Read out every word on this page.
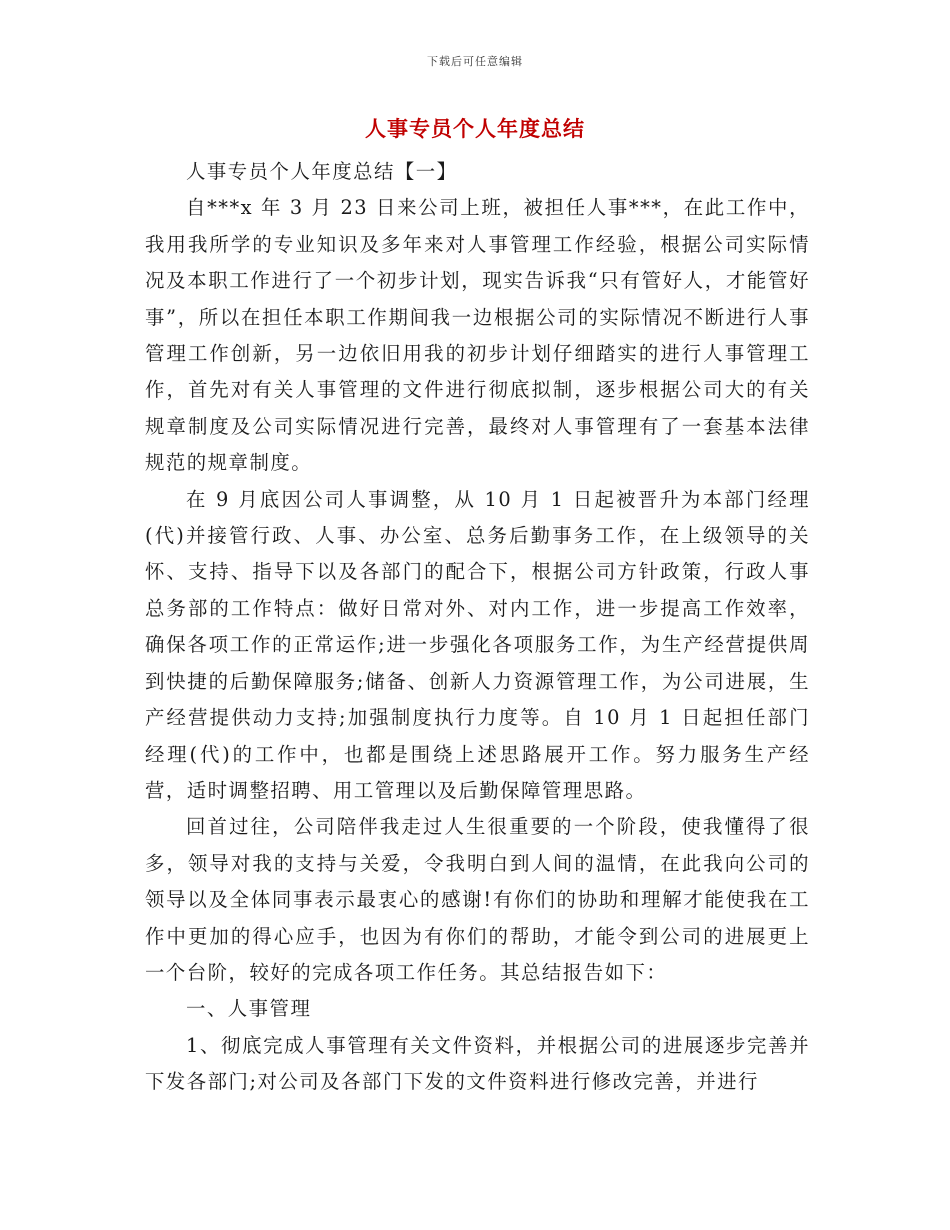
下载后可任意编辑
人事专员个人年度总结

人事专员个人年度总结【一】

自***x 年 3 月 23 日来公司上班，被担任人事***，在此工作中，我用我所学的专业知识及多年来对人事管理工作经验，根据公司实际情况及本职工作进行了一个初步计划，现实告诉我“只有管好人，才能管好事”，所以在担任本职工作期间我一边根据公司的实际情况不断进行人事管理工作创新，另一边依旧用我的初步计划仔细踏实的进行人事管理工作，首先对有关人事管理的文件进行彻底拟制，逐步根据公司大的有关规章制度及公司实际情况进行完善，最终对人事管理有了一套基本法律规范的规章制度。

在 9 月底因公司人事调整，从 10 月 1 日起被晋升为本部门经理(代)并接管行政、人事、办公室、总务后勤事务工作，在上级领导的关怀、支持、指导下以及各部门的配合下，根据公司方针政策，行政人事总务部的工作特点：做好日常对外、对内工作，进一步提高工作效率，确保各项工作的正常运作;进一步强化各项服务工作，为生产经营提供周到快捷的后勤保障服务;储备、创新人力资源管理工作，为公司进展，生产经营提供动力支持;加强制度执行力度等。自 10 月 1 日起担任部门经理(代)的工作中，也都是围绕上述思路展开工作。努力服务生产经营，适时调整招聘、用工管理以及后勤保障管理思路。

回首过往，公司陪伴我走过人生很重要的一个阶段，使我懂得了很多，领导对我的支持与关爱，令我明白到人间的温情，在此我向公司的领导以及全体同事表示最衷心的感谢!有你们的协助和理解才能使我在工作中更加的得心应手，也因为有你们的帮助，才能令到公司的进展更上一个台阶，较好的完成各项工作任务。其总结报告如下：

一、人事管理

1、彻底完成人事管理有关文件资料，并根据公司的进展逐步完善并下发各部门;对公司及各部门下发的文件资料进行修改完善，并进行
